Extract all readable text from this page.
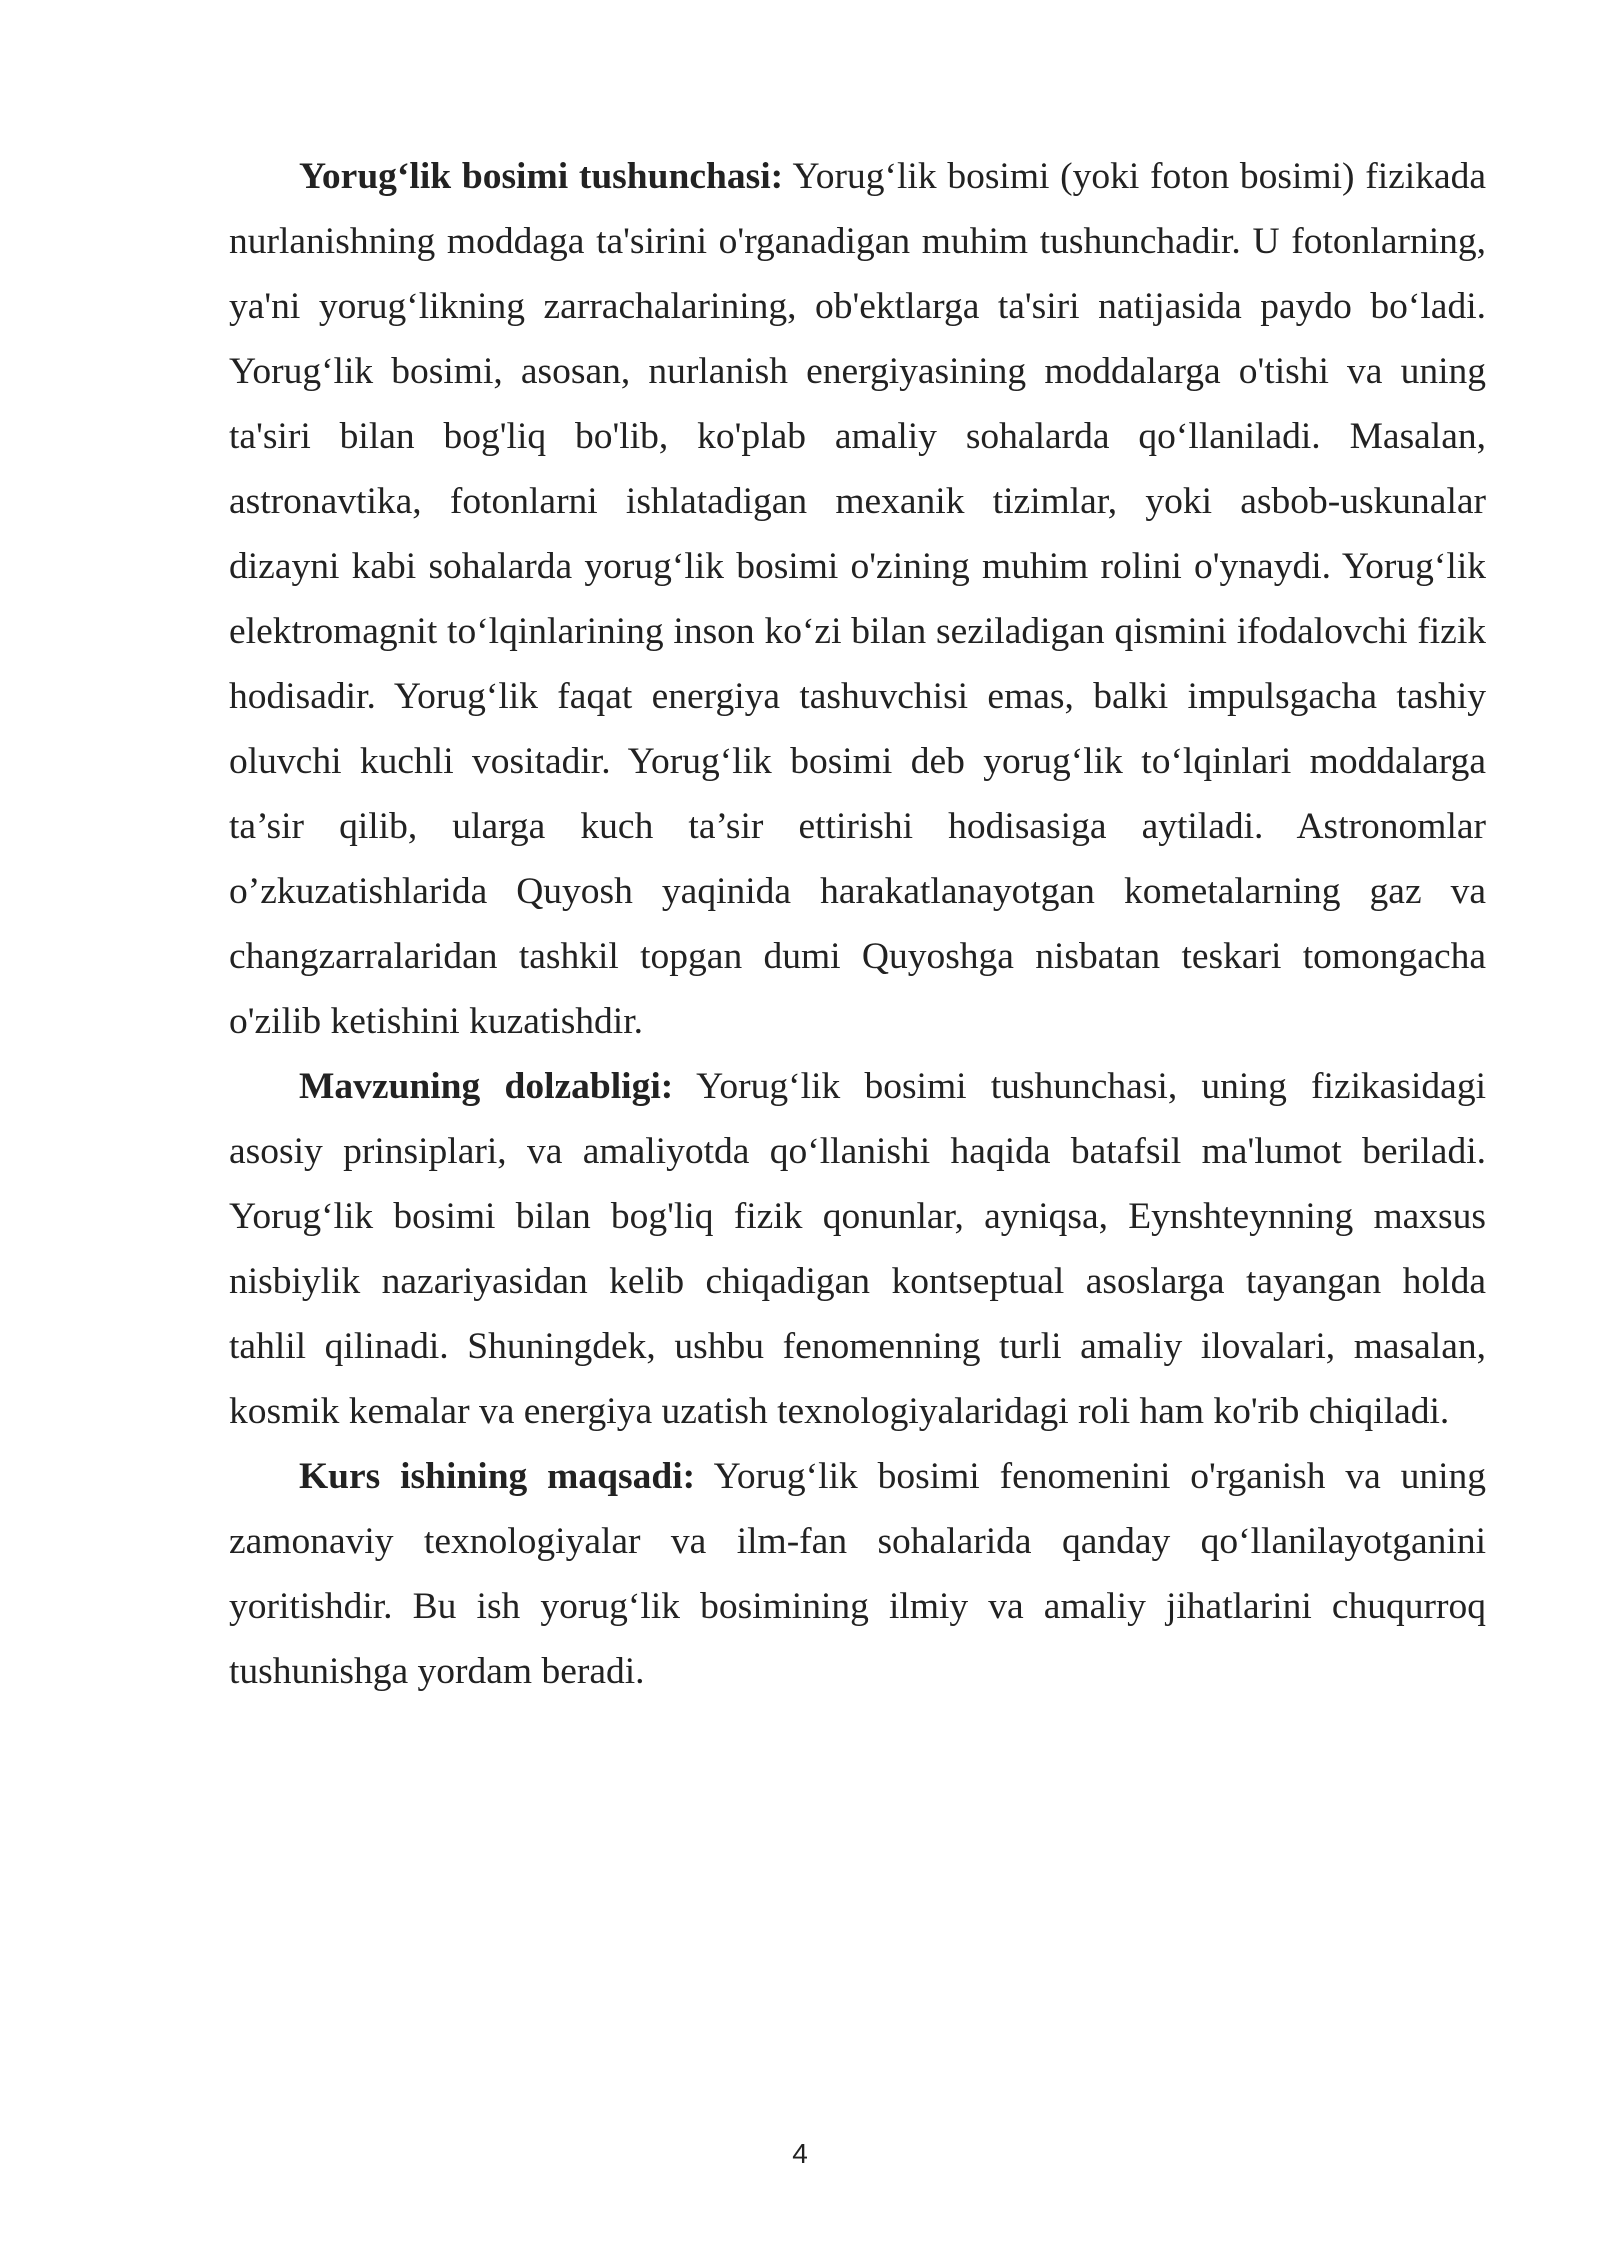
Yorug‘lik bosimi tushunchasi: Yorug‘lik bosimi (yoki foton bosimi) fizikada nurlanishning moddaga ta'sirini o'rganadigan muhim tushunchadir. U fotonlarning, ya'ni yorug‘likning zarrachalarining, ob'ektlarga ta'siri natijasida paydo bo‘ladi. Yorug‘lik bosimi, asosan, nurlanish energiyasining moddalarga o'tishi va uning ta'siri bilan bog'liq bo'lib, ko'plab amaliy sohalarda qo‘llaniladi. Masalan, astronavtika, fotonlarni ishlatadigan mexanik tizimlar, yoki asbob-uskunalar dizayni kabi sohalarda yorug‘lik bosimi o'zining muhim rolini o'ynaydi. Yorug‘lik elektromagnit to‘lqinlarining inson ko‘zi bilan seziladigan qismini ifodalovchi fizik hodisadir. Yorug‘lik faqat energiya tashuvchisi emas, balki impulsgacha tashiy oluvchi kuchli vositadir. Yorug‘lik bosimi deb yorug‘lik to‘lqinlari moddalarga ta’sir qilib, ularga kuch ta’sir ettirishi hodisasiga aytiladi. Astronomlar o’zkuzatishlarida Quyosh yaqinida harakatlanayotgan kometalarning gaz va changzarralaridan tashkil topgan dumi Quyoshga nisbatan teskari tomongacha o'zilib ketishini kuzatishdir.

Mavzuning dolzabligi: Yorug‘lik bosimi tushunchasi, uning fizikasidagi asosiy prinsiplari, va amaliyotda qo‘llanishi haqida batafsil ma'lumot beriladi. Yorug‘lik bosimi bilan bog'liq fizik qonunlar, ayniqsa, Eynshteynning maxsus nisbiylik nazariyasidan kelib chiqadigan kontseptual asoslarga tayangan holda tahlil qilinadi. Shuningdek, ushbu fenomenning turli amaliy ilovalari, masalan, kosmik kemalar va energiya uzatish texnologiyalaridagi roli ham ko'rib chiqiladi.

Kurs ishining maqsadi: Yorug‘lik bosimi fenomenini o'rganish va uning zamonaviy texnologiyalar va ilm-fan sohalarida qanday qo‘llanilayotganini yoritishdir. Bu ish yorug‘lik bosimining ilmiy va amaliy jihatlarini chuqurroq tushunishga yordam beradi.

4
